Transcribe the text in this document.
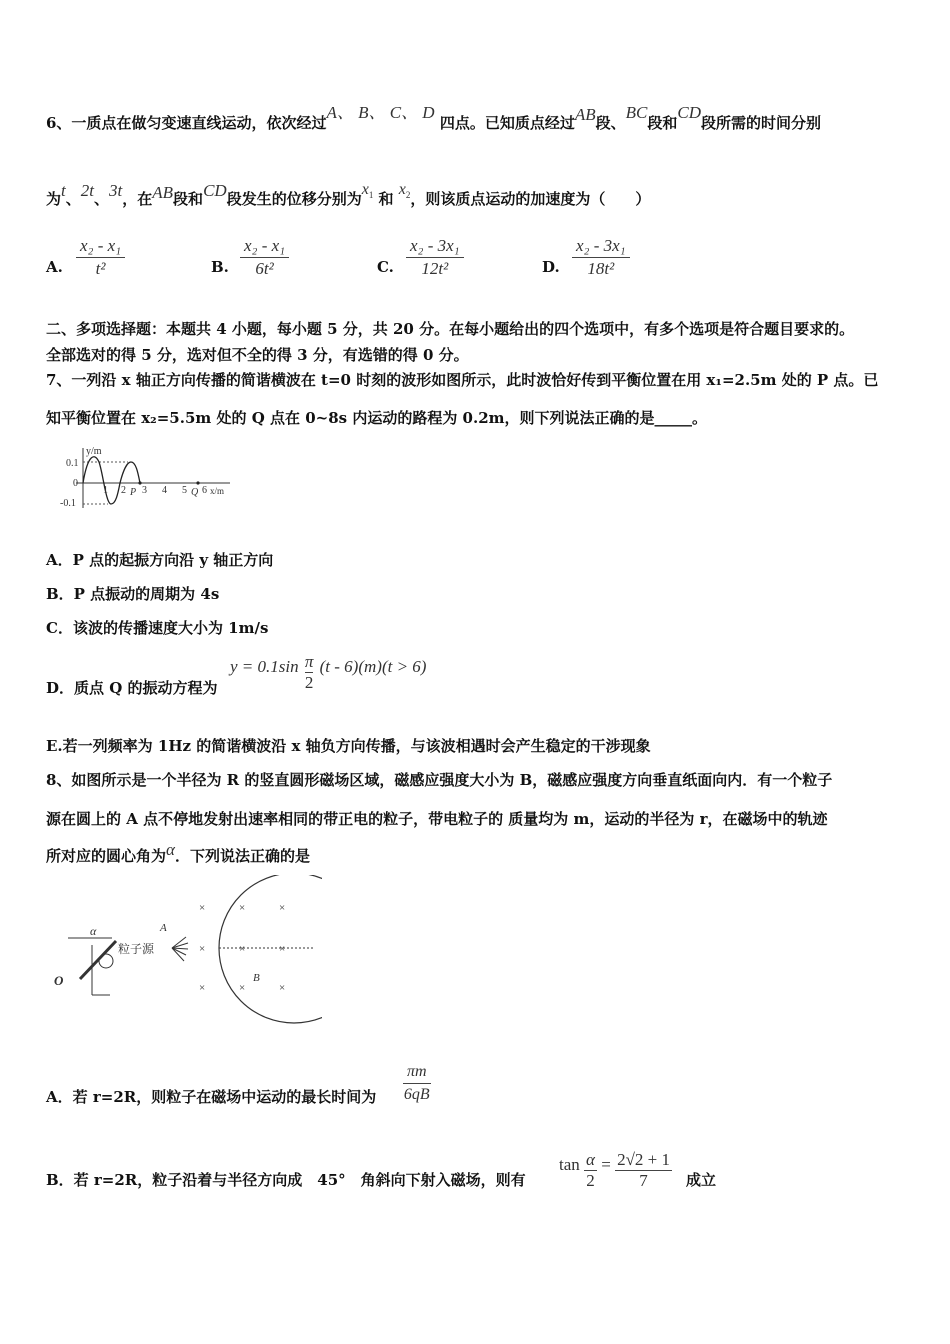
6、一质点在做匀变速直线运动，依次经过A、 B、 C、 D 四点。已知质点经过AB段、BC段和CD段所需的时间分别
为t、2t、3t，在AB段和CD段发生的位移分别为$x_1$ 和 $x_2$，则该质点运动的加速度为（　　）
A. $\frac{\text{x₂ - x₁}}{\text{t²}}$	B. $\frac{\text{x₂ - x₁}}{\text{6t²}}$	C. $\frac{\text{x₂ - 3x₁}}{\text{12t²}}$	D. $\frac{\text{x₂ - 3x₁}}{\text{18t²}}$
二、多项选择题：本题共 4 小题，每小题 5 分，共 20 分。在每小题给出的四个选项中，有多个选项是符合题目要求的。
全部选对的得 5 分，选对但不全的得 3 分，有选错的得 0 分。
7、一列沿 x 轴正方向传播的简谐横波在 t=0 时刻的波形如图所示，此时波恰好传到平衡位置在用 x₁=2.5m 处的 P 点。已
知平衡位置在 x₂=5.5m 处的 Q 点在 0~8s 内运动的路程为 0.2m，则下列说法正确的是_____。
y/m
0.1
0
-0.1
1 2 P 3 4 5 Q 6 x/m
A．P 点的起振方向沿 y 轴正方向
B．P 点振动的周期为 4s
C．该波的传播速度大小为 1m/s
D．质点 Q 的振动方程为
$y = 0.1\sin \frac{\pi}{2} (t - 6)(m)(t > 6)$
E.若一列频率为 1Hz 的简谐横波沿 x 轴负方向传播，与该波相遇时会产生稳定的干涉现象
8、如图所示是一个半径为 R 的竖直圆形磁场区域，磁感应强度大小为 B，磁感应强度方向垂直纸面向内．有一个粒子
源在圆上的 A 点不停地发射出速率相同的带正电的粒子，带电粒子的 质量均为 m，运动的半径为 r，在磁场中的轨迹
所对应的圆心角为α．下列说法正确的是
×	×	×
×	×	×
×	×	×
A
B
粒子源
α
O
A．若 r=2R，则粒子在磁场中运动的最长时间为 $\frac{\pi m}{6qB}$
B．若 r=2R，粒子沿着与半径方向成　45°　角斜向下射入磁场，则有
$\tan \frac{\alpha}{2} = \frac{2√2 + 1}{7}$ 成立
